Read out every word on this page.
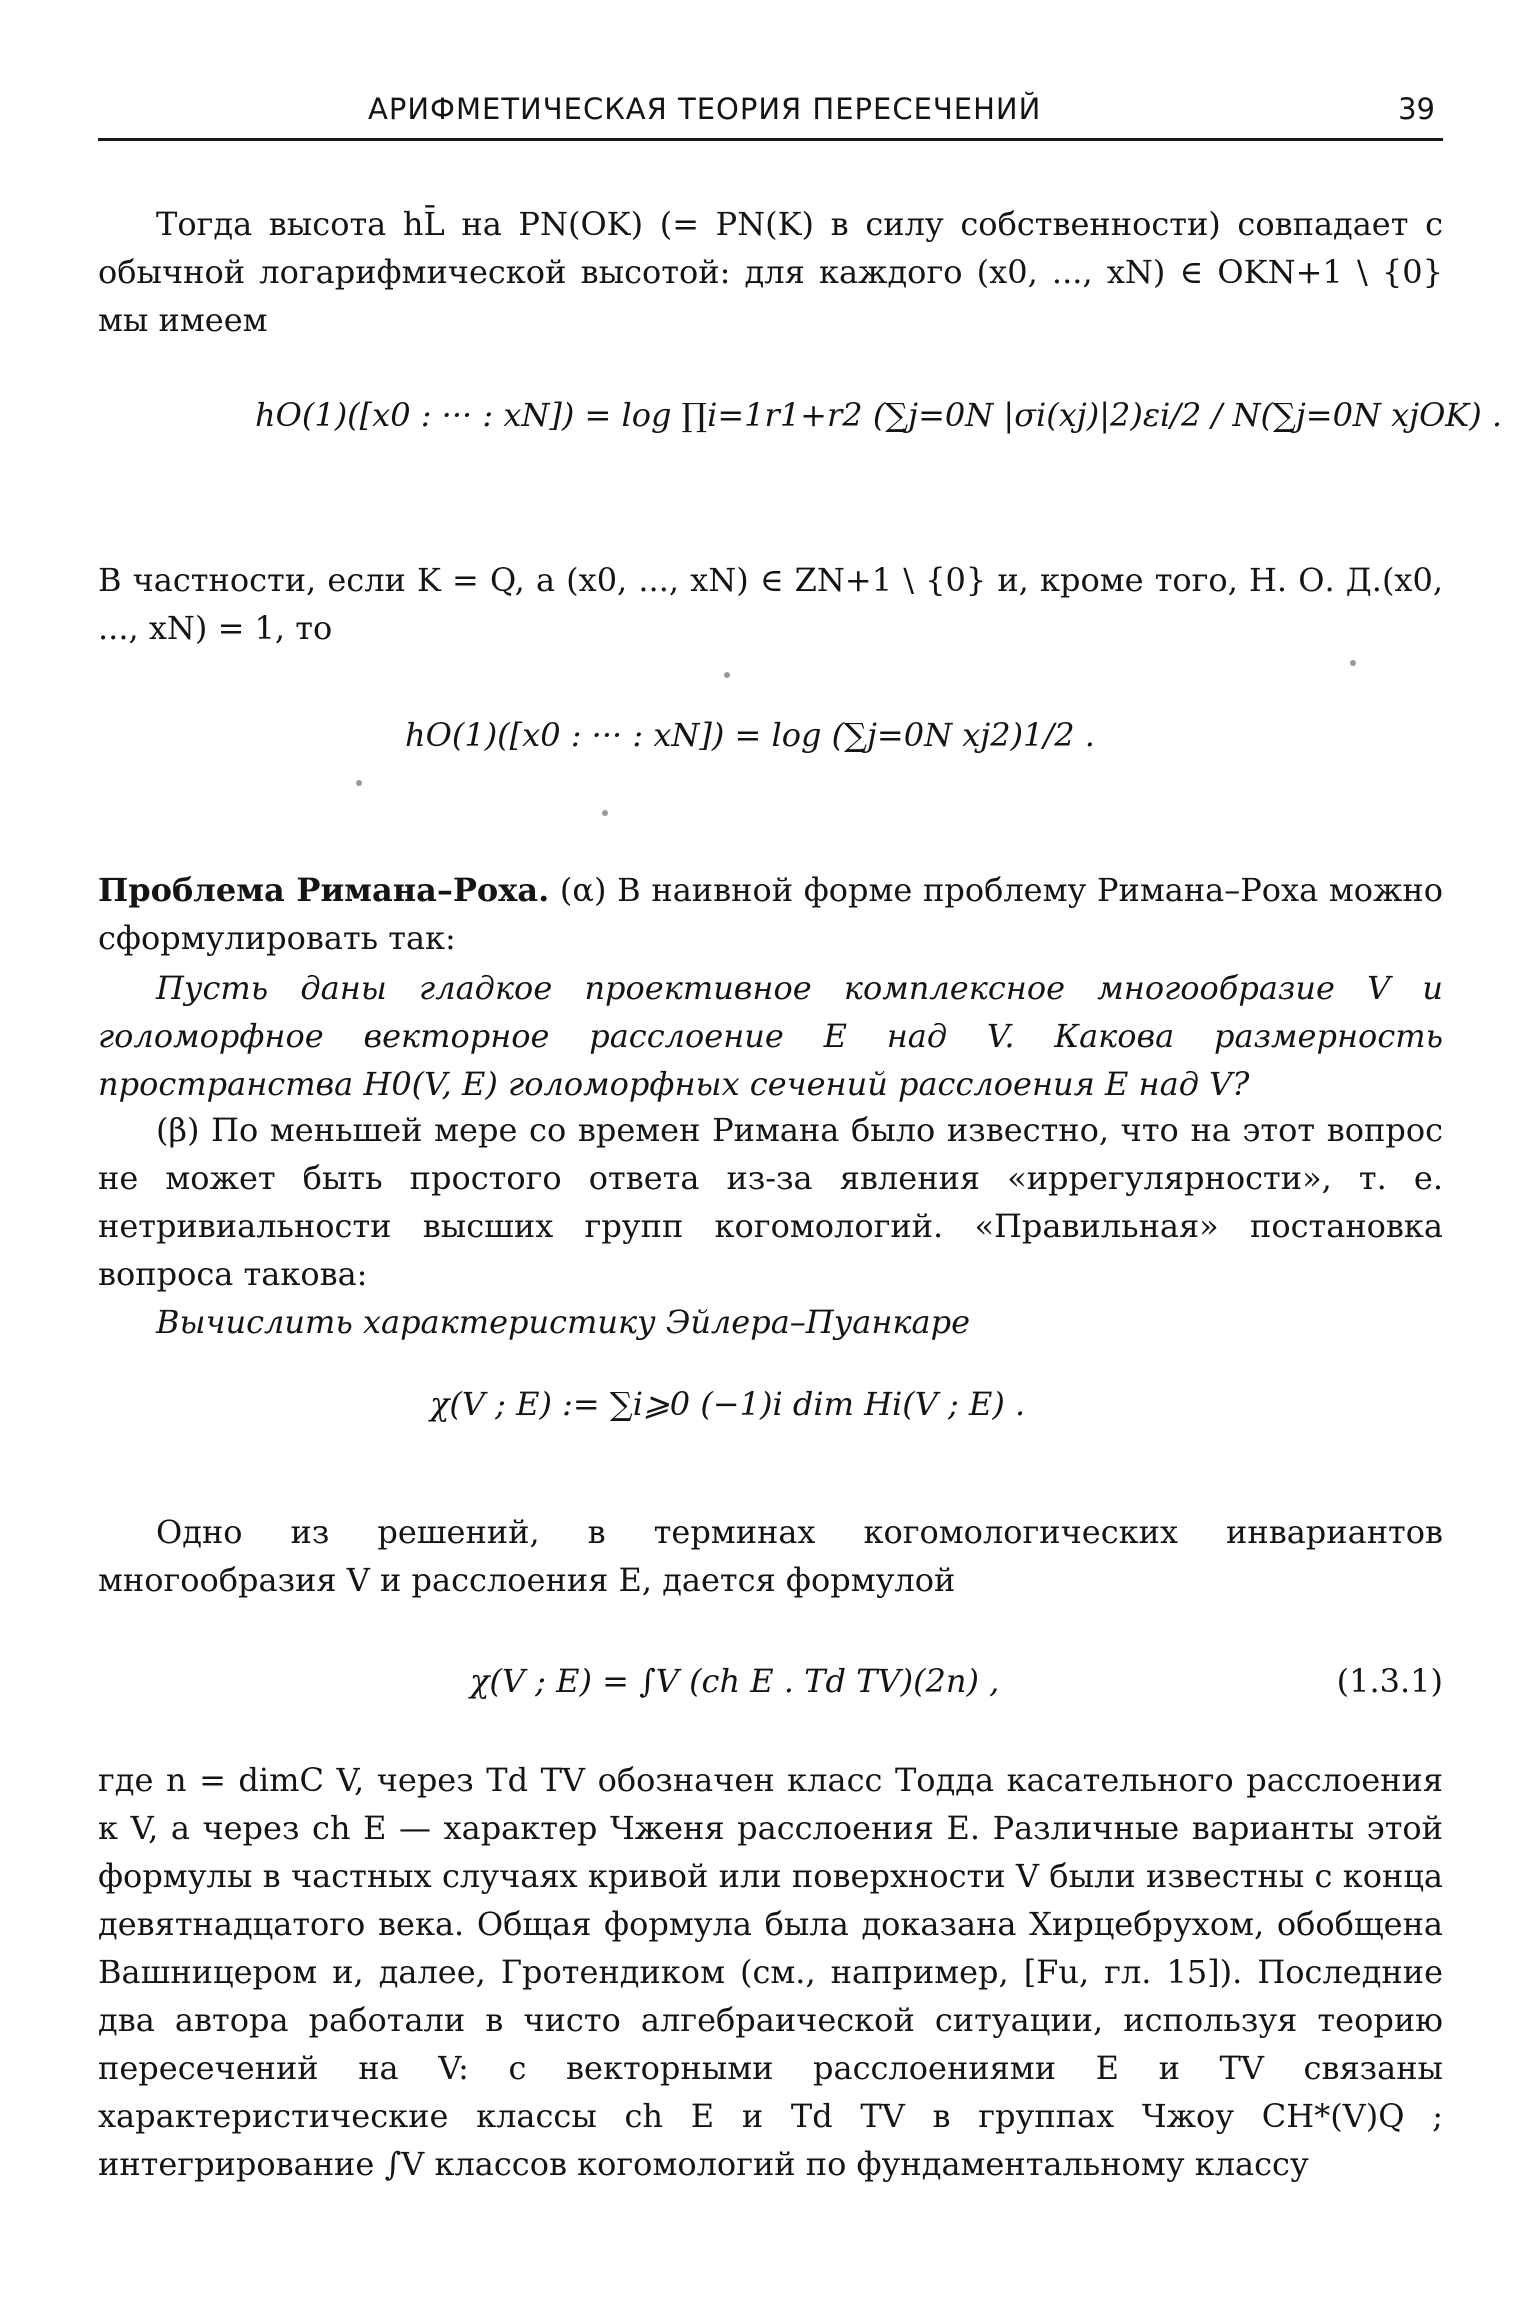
АРИФМЕТИЧЕСКАЯ ТЕОРИЯ ПЕРЕСЕЧЕНИЙ	39
Тогда высота hL̄ на PN(OK) (= PN(K) в силу собственности) совпадает с обычной логарифмической высотой: для каждого (x0, ..., xN) ∈ OKN+1 \ {0} мы имеем
hO(1)([x0 : ··· : xN]) = log ∏i=1r1+r2 (∑j=0N |σi(xj)|2)εi/2 / N(∑j=0N xjOK) .
В частности, если K = Q, а (x0, ..., xN) ∈ ZN+1 \ {0} и, кроме того, Н. О. Д.(x0, ..., xN) = 1, то
hO(1)([x0 : ··· : xN]) = log (∑j=0N xj2)1/2 .
Проблема Римана–Роха. (α) В наивной форме проблему Римана–Роха можно сформулировать так:
Пусть даны гладкое проективное комплексное многообразие V и голоморфное векторное расслоение E над V. Какова размерность пространства H0(V, E) голоморфных сечений расслоения E над V?
(β) По меньшей мере со времен Римана было известно, что на этот вопрос не может быть простого ответа из-за явления «иррегулярности», т. е. нетривиальности высших групп когомологий. «Правильная» постановка вопроса такова:
Вычислить характеристику Эйлера–Пуанкаре
χ(V ; E) := ∑i⩾0 (−1)i dim Hi(V ; E) .
Одно из решений, в терминах когомологических инвариантов многообразия V и расслоения E, дается формулой
χ(V ; E) = ∫V (ch E . Td TV)(2n) ,	(1.3.1)
где n = dimC V, через Td TV обозначен класс Тодда касательного расслоения к V, а через ch E — характер Чженя расслоения E. Различные варианты этой формулы в частных случаях кривой или поверхности V были известны с конца девятнадцатого века. Общая формула была доказана Хирцебрухом, обобщена Вашницером и, далее, Гротендиком (см., например, [Fu, гл. 15]). Последние два автора работали в чисто алгебраической ситуации, используя теорию пересечений на V: с векторными расслоениями E и TV связаны характеристические классы ch E и Td TV в группах Чжоу CH*(V)Q ; интегрирование ∫V классов когомологий по фундаментальному классу
